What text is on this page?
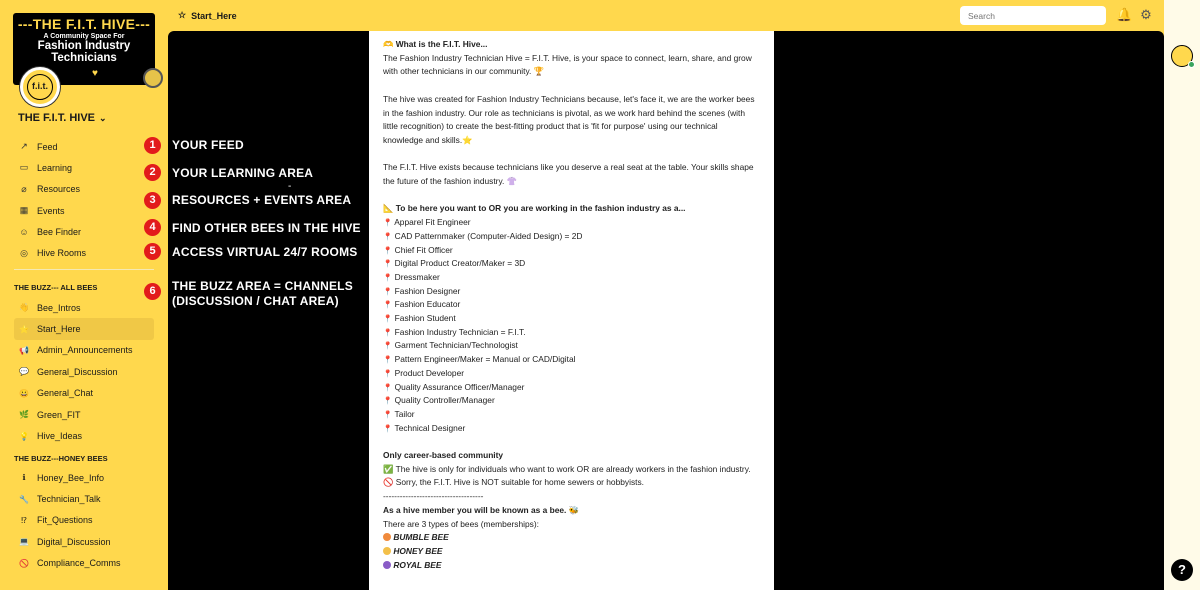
---THE F.I.T. HIVE---
A Community Space For
Fashion Industry
Technicians
♥
f.i.t.
THE F.I.T. HIVE ⌄
↗ Feed
▭ Learning
⌀ Resources
▦ Events
☺ Bee Finder
◎ Hive Rooms
THE BUZZ--- ALL BEES
👋 Bee_Intros
⭐ Start_Here
📢 Admin_Announcements
💬 General_Discussion
😀 General_Chat
🌿 Green_FIT
💡 Hive_Ideas
THE BUZZ---HONEY BEES
ℹ	Honey_Bee_Info
🔧 Technician_Talk
⁉ Fit_Questions
💻 Digital_Discussion
🚫 Compliance_Comms
☆ Start_Here
Search	🔔 ⚙

🫶 What is the F.I.T. Hive...

The Fashion Industry Technician Hive = F.I.T. Hive, is your space to connect, learn, share, and grow with other technicians in our community. 🏆

The hive was created for Fashion Industry Technicians because, let's face it, we are the worker bees in the fashion industry. Our role as technicians is pivotal, as we work hard behind the scenes (with little recognition) to create the best-fitting product that is 'fit for purpose' using our technical knowledge and skills.⭐

The F.I.T. Hive exists because technicians like you deserve a real seat at the table. Your skills shape the future of the fashion industry. 👚

📐 To be here you want to OR you are working in the fashion industry as a...

📍 Apparel Fit Engineer

📍 CAD Patternmaker (Computer-Aided Design) = 2D

📍 Chief Fit Officer

📍 Digital Product Creator/Maker = 3D

📍 Dressmaker

📍 Fashion Designer

📍 Fashion Educator

📍 Fashion Student

📍 Fashion Industry Technician = F.I.T.

📍 Garment Technician/Technologist

📍 Pattern Engineer/Maker = Manual or CAD/Digital

📍 Product Developer

📍 Quality Assurance Officer/Manager

📍 Quality Controller/Manager

📍 Tailor

📍 Technical Designer

Only career-based community

✅ The hive is only for individuals who want to work OR are already workers in the fashion industry.

🚫 Sorry, the F.I.T. Hive is NOT suitable for home sewers or hobbyists.

------------------------------------

As a hive member you will be known as a bee. 🐝

There are 3 types of bees (memberships):

BUMBLE BEE

HONEY BEE

ROYAL BEE

1
2
3
4
5
6
YOUR FEED
YOUR LEARNING AREA
-
RESOURCES + EVENTS AREA
FIND OTHER BEES IN THE HIVE
ACCESS VIRTUAL 24/7 ROOMS
THE BUZZ AREA = CHANNELS
(DISCUSSION / CHAT AREA)
?
